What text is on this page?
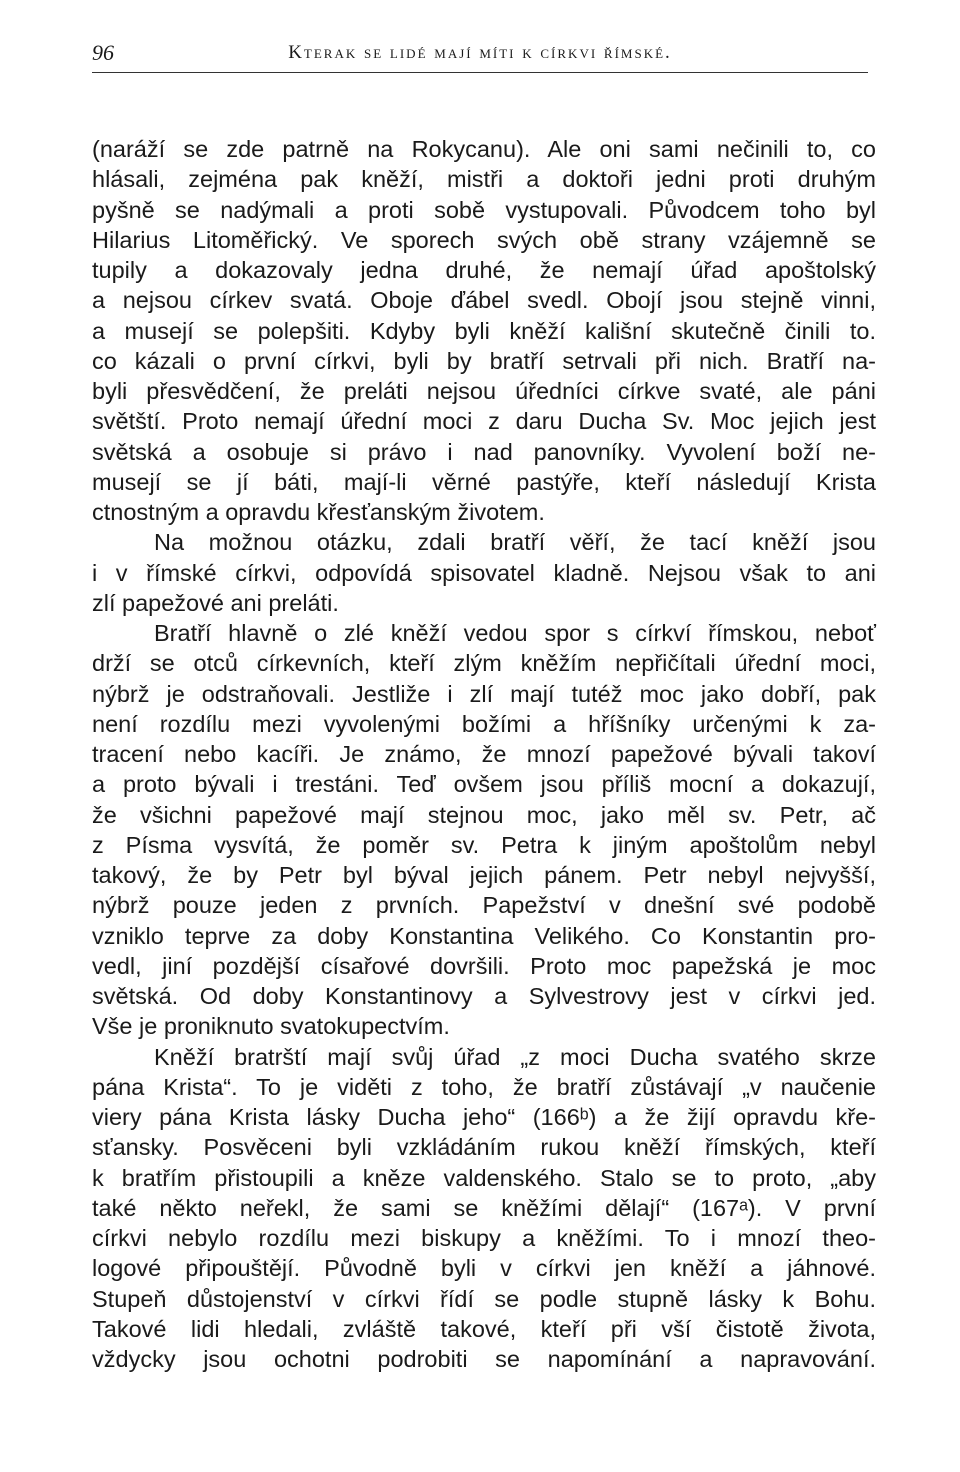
96	Kterak se lidé mají míti k církvi římské.
(naráží se zde patrně na Rokycanu). Ale oni sami nečinili to, co
hlásali, zejména pak kněží, mistři a doktoři jedni proti druhým
pyšně se nadýmali a proti sobě vystupovali. Původcem toho byl
Hilarius Litoměřický. Ve sporech svých obě strany vzájemně se
tupily a dokazovaly jedna druhé, že nemají úřad apoštolský
a nejsou církev svatá. Oboje ďábel svedl. Obojí jsou stejně vinni,
a musejí se polepšiti. Kdyby byli kněží kališní skutečně činili to.
co kázali o první církvi, byli by bratří setrvali při nich. Bratří na-
byli přesvědčení, že preláti nejsou úředníci církve svaté, ale páni
světští. Proto nemají úřední moci z daru Ducha Sv. Moc jejich jest
světská a osobuje si právo i nad panovníky. Vyvolení boží ne-
musejí se jí báti, mají-li věrné pastýře, kteří následují Krista
ctnostným a opravdu křesťanským životem.
Na možnou otázku, zdali bratří věří, že tací kněží jsou
i v římské církvi, odpovídá spisovatel kladně. Nejsou však to ani
zlí papežové ani preláti.
Bratří hlavně o zlé kněží vedou spor s církví římskou, neboť
drží se otců církevních, kteří zlým kněžím nepřičítali úřední moci,
nýbrž je odstraňovali. Jestliže i zlí mají tutéž moc jako dobří, pak
není rozdílu mezi vyvolenými božími a hříšníky určenými k za-
tracení nebo kacíři. Je známo, že mnozí papežové bývali takoví
a proto bývali i trestáni. Teď ovšem jsou příliš mocní a dokazují,
že všichni papežové mají stejnou moc, jako měl sv. Petr, ač
z Písma vysvítá, že poměr sv. Petra k jiným apoštolům nebyl
takový, že by Petr byl býval jejich pánem. Petr nebyl nejvyšší,
nýbrž pouze jeden z prvních. Papežství v dnešní své podobě
vzniklo teprve za doby Konstantina Velikého. Co Konstantin pro-
vedl, jiní pozdější císařové dovršili. Proto moc papežská je moc
světská. Od doby Konstantinovy a Sylvestrovy jest v církvi jed.
Vše je proniknuto svatokupectvím.
Kněží bratrští mají svůj úřad „z moci Ducha svatého skrze
pána Krista“. To je viděti z toho, že bratří zůstávají „v naučenie
viery pána Krista lásky Ducha jeho“ (166ᵇ) a že žijí opravdu kře-
sťansky. Posvěceni byli vzkládáním rukou kněží římských, kteří
k bratřím přistoupili a kněze valdenského. Stalo se to proto, „aby
také někto neřekl, že sami se kněžími dělají“ (167ᵃ). V první
církvi nebylo rozdílu mezi biskupy a kněžími. To i mnozí theo-
logové připouštějí. Původně byli v církvi jen kněží a jáhnové.
Stupeň důstojenství v církvi řídí se podle stupně lásky k Bohu.
Takové lidi hledali, zvláště takové, kteří při vší čistotě života,
vždycky jsou ochotni podrobiti se napomínání a napravování.
